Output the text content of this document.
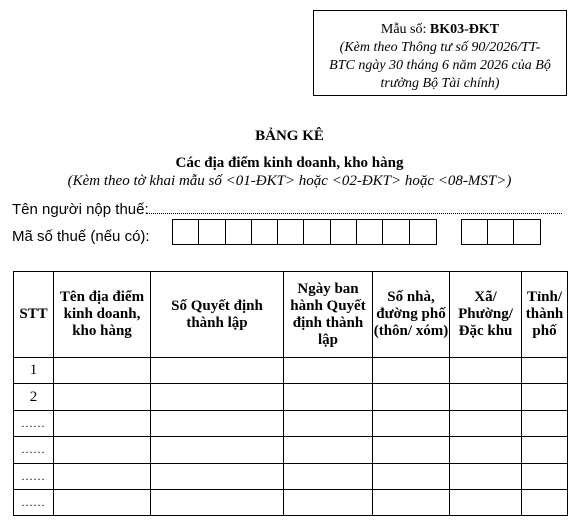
Mẫu số: BK03-ĐKT
(Kèm theo Thông tư số 90/2026/TT-
BTC ngày 30 tháng 6 năm 2026 của Bộ
trưởng Bộ Tài chính)
BẢNG KÊ
Các địa điểm kinh doanh, kho hàng
(Kèm theo tờ khai mẫu số <01-ĐKT> hoặc <02-ĐKT> hoặc <08-MST>)
Tên người nộp thuế:
Mã số thuế (nếu có):
STT	Tên địa điểm kinh doanh, kho hàng	Số Quyết định thành lập	Ngày ban hành Quyết định thành lập	Số nhà, đường phố (thôn/ xóm)	Xã/ Phường/ Đặc khu	Tỉnh/ thành phố
1						
2						
......						
......						
......						
......						
